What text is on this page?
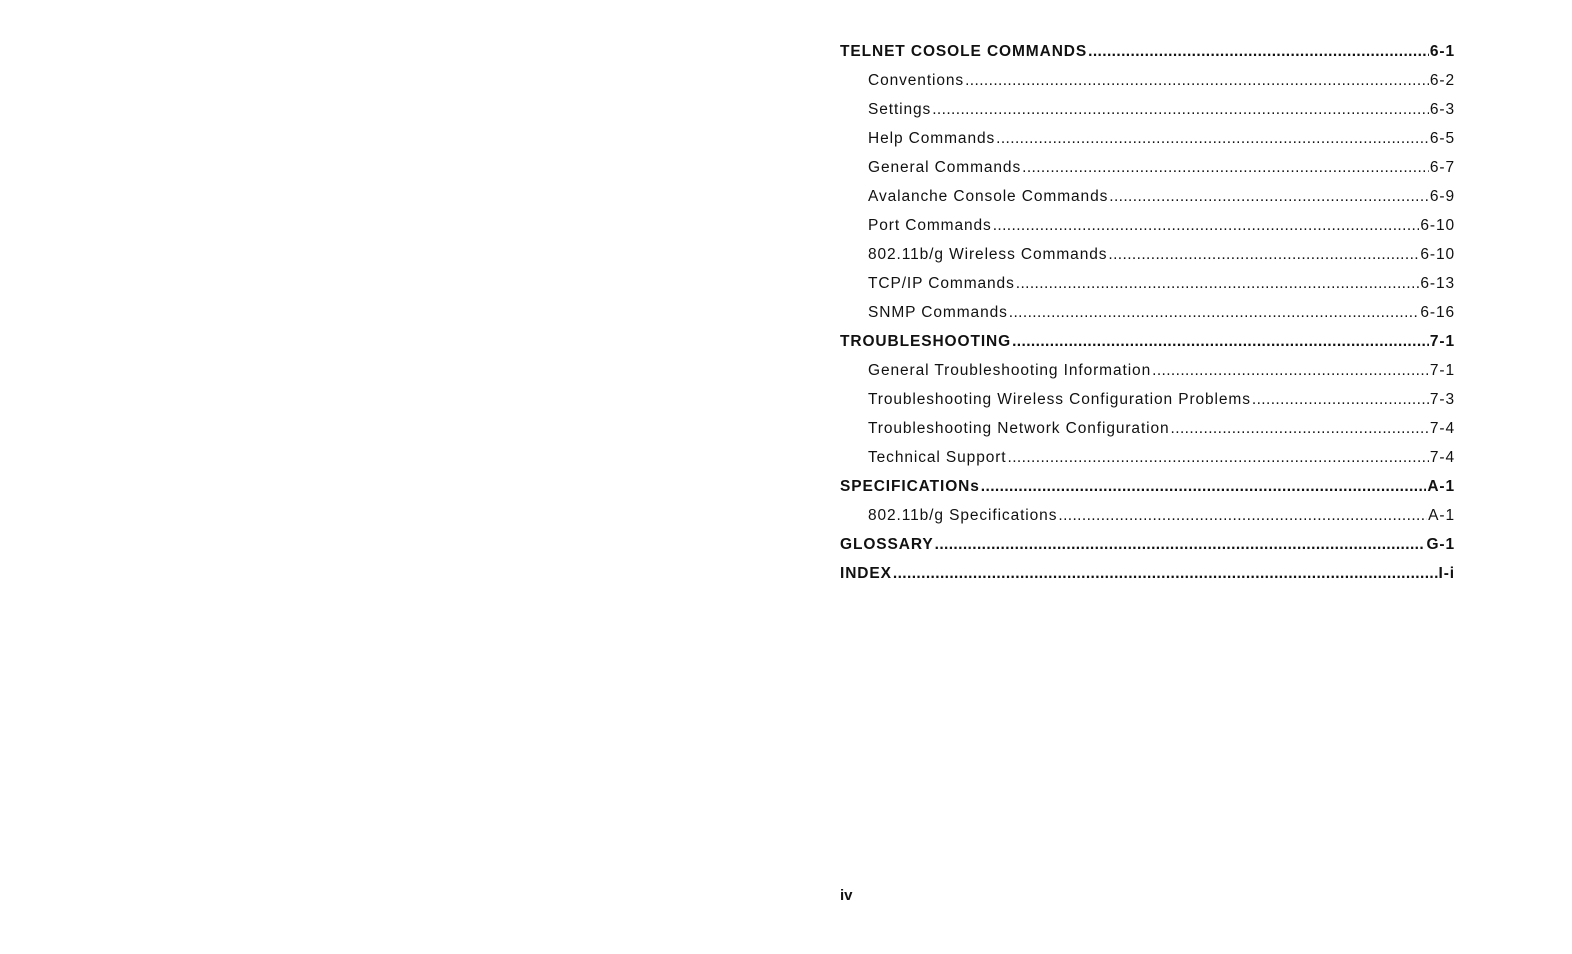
TELNET COSOLE COMMANDS .....	6-1
Conventions .....	6-2
Settings .....	6-3
Help Commands .....	6-5
General Commands .....	6-7
Avalanche Console Commands .....	6-9
Port Commands .....	6-10
802.11b/g Wireless Commands .....	6-10
TCP/IP Commands .....	6-13
SNMP Commands .....	6-16
TROUBLESHOOTING .....	7-1
General Troubleshooting Information .....	7-1
Troubleshooting Wireless Configuration Problems .....	7-3
Troubleshooting Network Configuration .....	7-4
Technical Support .....	7-4
SPECIFICATIONs .....	A-1
802.11b/g Specifications .....	A-1
GLOSSARY .....	G-1
INDEX .....	I-i
iv
